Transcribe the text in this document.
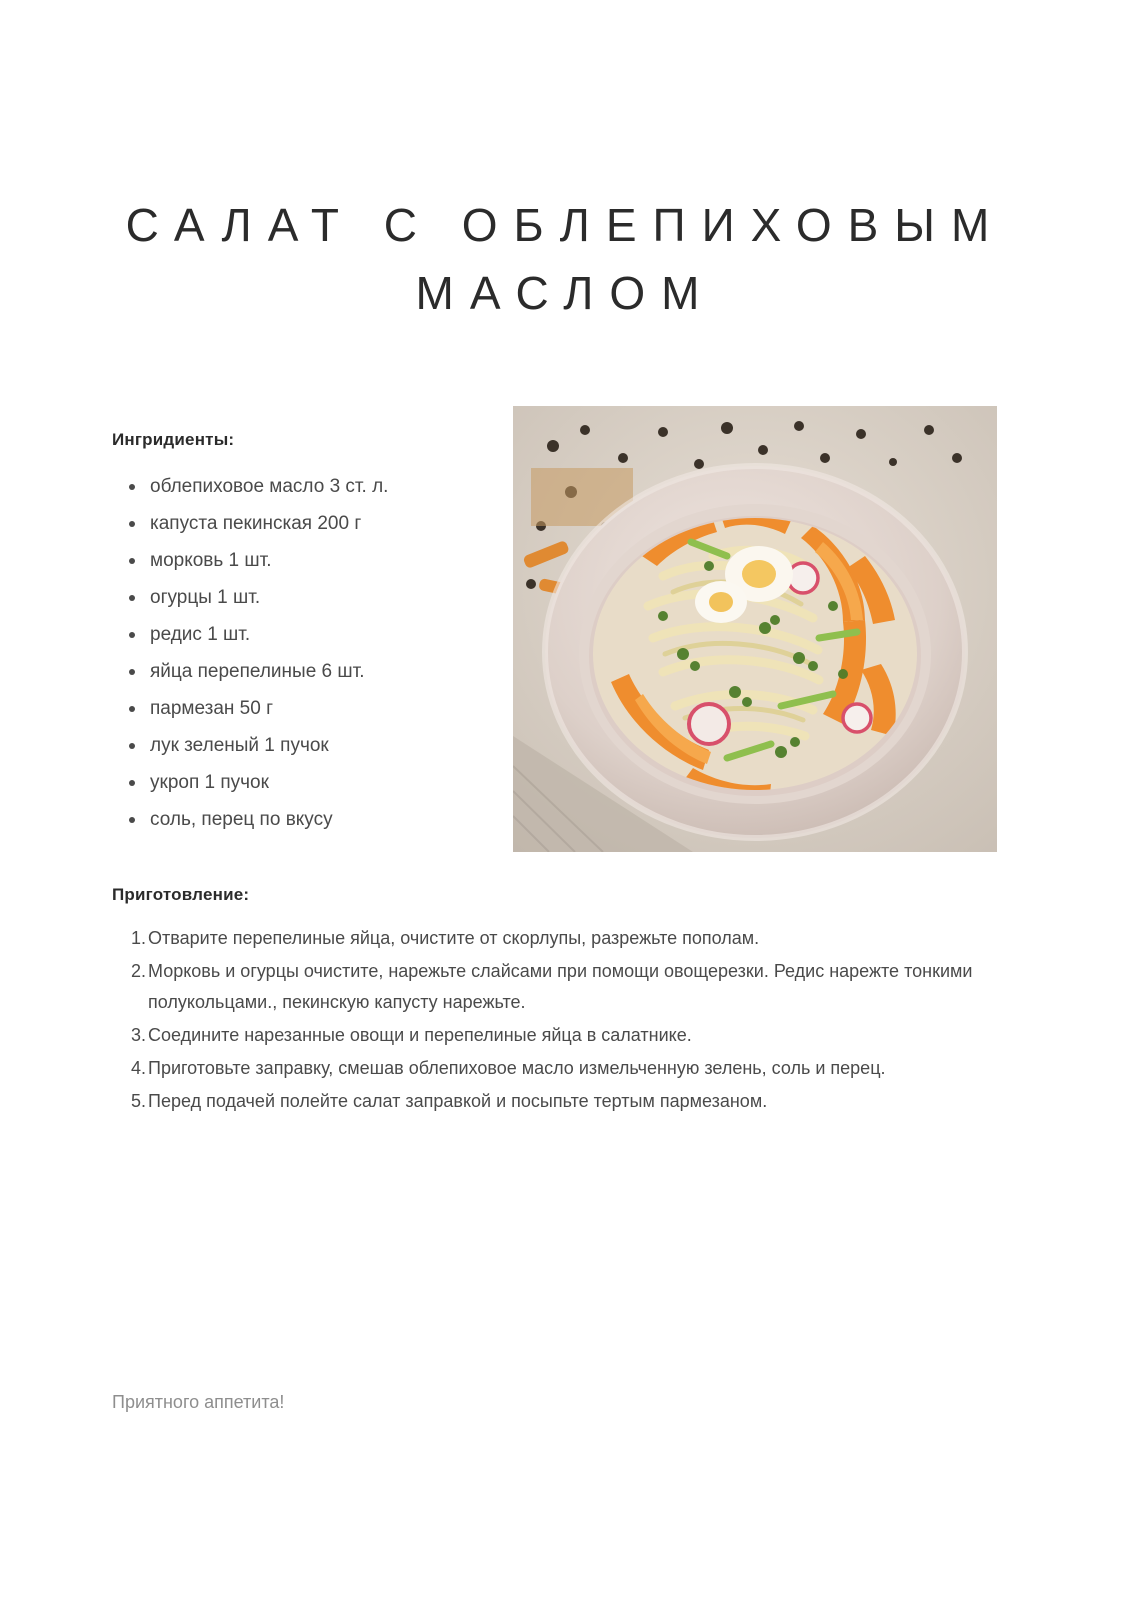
САЛАТ С ОБЛЕПИХОВЫМ МАСЛОМ
Ингридиенты:
облепиховое масло 3 ст. л.
капуста пекинская 200 г
морковь 1 шт.
огурцы 1 шт.
редис 1 шт.
яйца перепелиные 6 шт.
пармезан 50 г
лук зеленый 1 пучок
укроп 1 пучок
соль, перец по вкусу
Приготовление:
Отварите перепелиные яйца, очистите от скорлупы, разрежьте пополам.
Морковь и огурцы очистите, нарежьте слайсами при помощи овощерезки. Редис нарежте тонкими полукольцами., пекинскую капусту нарежьте.
Соедините нарезанные овощи и перепелиные яйца в салатнике.
Приготовьте заправку, смешав облепиховое масло измельченную зелень, соль и перец.
Перед подачей полейте салат заправкой и посыпьте тертым пармезаном.
Приятного аппетита!
